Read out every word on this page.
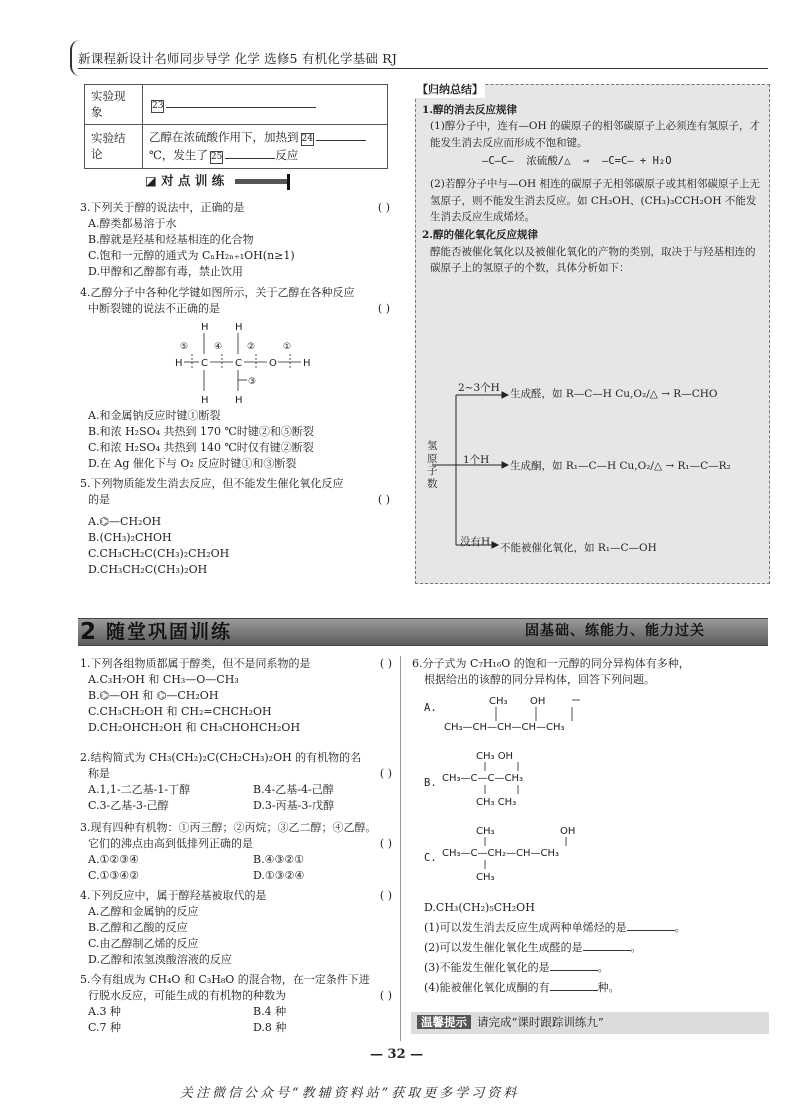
新课程新设计名师同步导学 化学 选修5 有机化学基础 RJ
实验现象	23
实验结论	乙醇在浓硫酸作用下，加热到 24
℃，发生了 25 反应
◪ 对 点 训 练
3.下列关于醇的说法中，正确的是	( )
A.醇类都易溶于水
B.醇就是羟基和烃基相连的化合物
C.饱和一元醇的通式为 CₙH₂ₙ₊₁OH(n≥1)
D.甲醇和乙醇都有毒，禁止饮用
4.乙醇分子中各种化学键如图所示，关于乙醇在各种反应
中断裂键的说法不正确的是	( )
H	H
H C	C	O	H
H	H
⑤	④	②	①
③
A.和金属钠反应时键①断裂
B.和浓 H₂SO₄ 共热到 170 ℃时键②和⑤断裂
C.和浓 H₂SO₄ 共热到 140 ℃时仅有键②断裂
D.在 Ag 催化下与 O₂ 反应时键①和③断裂
5.下列物质能发生消去反应，但不能发生催化氧化反应
的是	( )
A.⌬—CH₂OH
B.(CH₃)₂CHOH
C.CH₃CH₂C(CH₃)₂CH₂OH
D.CH₃CH₂C(CH₃)₂OH
【归纳总结】
1.醇的消去反应规律
(1)醇分子中，连有—OH 的碳原子的相邻碳原子上必须连有氢原子，才能发生消去反应而形成不饱和键。
—C—C—  浓硫酸/△  →  —C=C— + H₂O
(2)若醇分子中与—OH 相连的碳原子无相邻碳原子或其相邻碳原子上无氢原子，则不能发生消去反应。如 CH₃OH、(CH₃)₃CCH₂OH 不能发生消去反应生成烯烃。
2.醇的催化氧化反应规律
醇能否被催化氧化以及被催化氧化的产物的类别，取决于与羟基相连的碳原子上的氢原子的个数，具体分析如下：
氢原子数
2~3个H 生成醛，如 R—C—H Cu,O₂/△ → R—CHO
1个H 生成酮，如 R₁—C—H Cu,O₂/△ → R₁—C—R₂
没有H 不能被催化氧化，如 R₁—C—OH
2 随堂巩固训练	固基础、练能力、能力过关
1.下列各组物质都属于醇类，但不是同系物的是	( )
A.C₃H₇OH 和 CH₃—O—CH₃
B.⌬—OH 和 ⌬—CH₂OH
C.CH₃CH₂OH 和 CH₂=CHCH₂OH
D.CH₂OHCH₂OH 和 CH₃CHOHCH₂OH
2.结构简式为 CH₃(CH₂)₂C(CH₂CH₃)₂OH 的有机物的名
称是	( )
A.1,1-二乙基-1-丁醇	B.4-乙基-4-己醇
C.3-乙基-3-己醇	D.3-丙基-3-戊醇
3.现有四种有机物：①丙三醇；②丙烷；③乙二醇；④乙醇。
它们的沸点由高到低排列正确的是	( )
A.①②③④	B.④③②①
C.①③④②	D.①③②④
4.下列反应中，属于醇羟基被取代的是	( )
A.乙醇和金属钠的反应
B.乙醇和乙酸的反应
C.由乙醇制乙烯的反应
D.乙醇和浓氢溴酸溶液的反应
5.今有组成为 CH₄O 和 C₃H₈O 的混合物，在一定条件下进
行脱水反应，可能生成的有机物的种数为	( )
A.3 种	B.4 种
C.7 种	D.8 种
6.分子式为 C₇H₁₆O 的饱和一元醇的同分异构体有多种，
根据给出的该醇的同分异构体，回答下列问题。
A.
CH₃—CH—CH—CH—CH₃
CH₃ OH
B.
CH₃ OH
CH₃—C—C—CH₃
CH₃ CH₃
C.
CH₃	OH
CH₃—C—CH₂—CH—CH₃
CH₃
D.CH₃(CH₂)₅CH₂OH
(1)可以发生消去反应生成两种单烯烃的是	。
(2)可以发生催化氧化生成醛的是	。
(3)不能发生催化氧化的是	。
(4)能被催化氧化成酮的有	种。
温馨提示 请完成“课时跟踪训练九”
— 32 —
关注微信公众号“教辅资料站”获取更多学习资料
